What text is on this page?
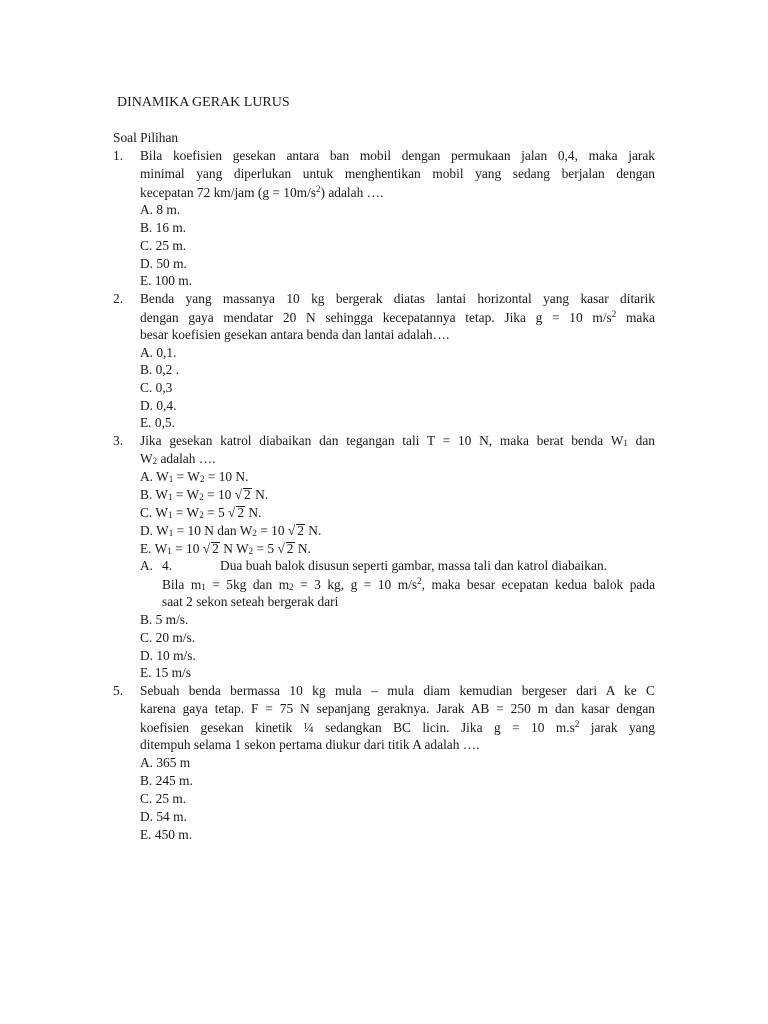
DINAMIKA GERAK LURUS
Soal Pilihan
1. Bila koefisien gesekan antara ban mobil dengan permukaan jalan 0,4, maka jarak
minimal yang diperlukan untuk menghentikan mobil yang sedang berjalan dengan
kecepatan 72 km/jam $(g = 10m/s^2)$ adalah ….
A. 8 m.
B. 16 m.
C. 25 m.
D. 50 m.
E. 100 m.
2. Benda yang massanya 10 kg bergerak diatas lantai horizontal yang kasar ditarik
dengan gaya mendatar 20 N sehingga kecepatannya tetap. Jika g = 10 $m/s^2$ maka
besar koefisien gesekan antara benda dan lantai adalah….
A. 0,1.
B. 0,2 .
C. 0,3
D. 0,4.
E. 0,5.
3. Jika gesekan katrol diabaikan dan tegangan tali T = 10 N, maka berat benda $W_1$ dan
$W_2$ adalah ….
A. $W_1 = W_2 = 10$ N.
B. $W_1 = W_2 = 10$ √ 2 N.
C. $W_1 = W_2 = 5$ √ 2 N.
D. $W_1 = 10$ N dan $W_2 = 10$ √ 2 N.
E. $W_1 = 10$ √ 2 N $W_2 = 5$ √ 2 N.
A. 4.	Dua buah balok disusun seperti gambar, massa tali dan katrol diabaikan.
Bila $m_1 = 5kg$ dan $m_2 = 3$ kg, g = 10 $m/s^2$, maka besar ecepatan kedua balok pada
saat 2 sekon seteah bergerak dari
B. 5 m/s.
C. 20 m/s.
D. 10 m/s.
E. 15 m/s
5. Sebuah benda bermassa 10 kg mula – mula diam kemudian bergeser dari A ke C
karena gaya tetap. F = 75 N sepanjang geraknya. Jarak AB = 250 m dan kasar dengan
koefisien gesekan kinetik ¼ sedangkan BC licin. Jika g = 10 $m.s^2$ jarak yang
ditempuh selama 1 sekon pertama diukur dari titik A adalah ….
A. 365 m
B. 245 m.
C. 25 m.
D. 54 m.
E. 450 m.
